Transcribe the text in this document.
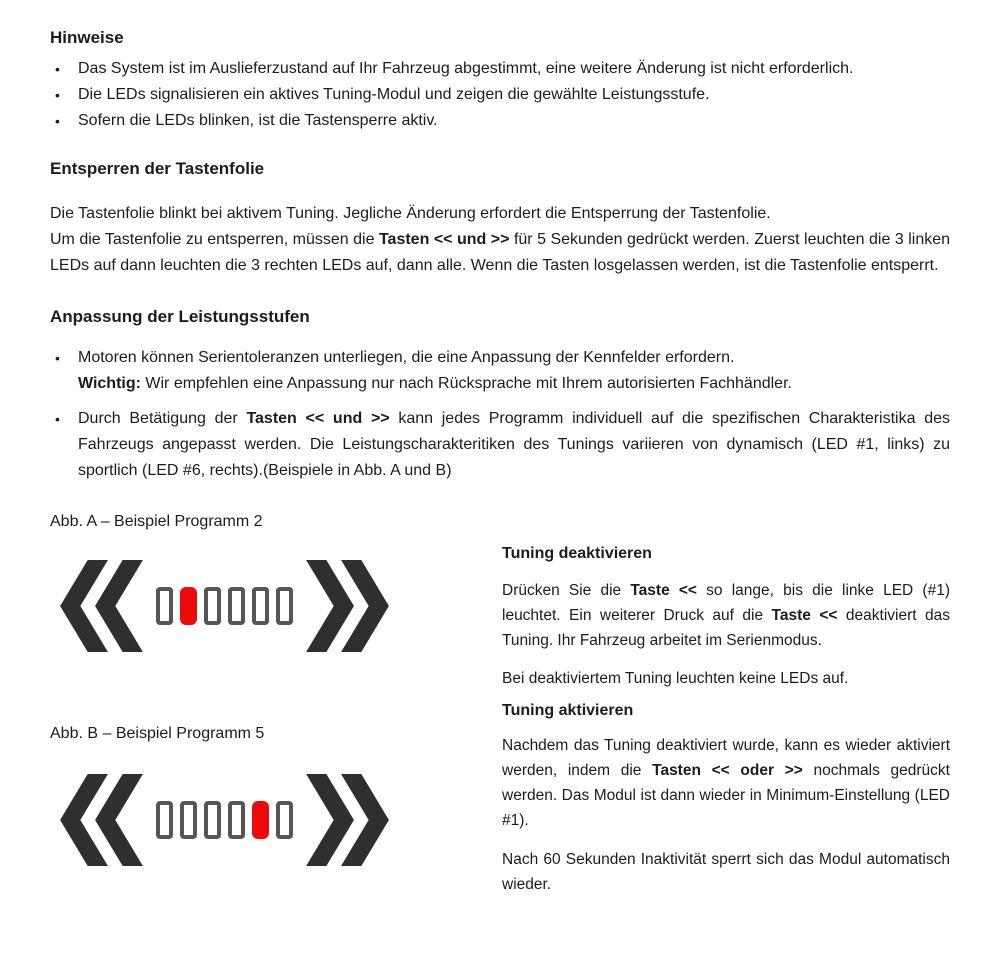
Hinweise
•	Das System ist im Auslieferzustand auf Ihr Fahrzeug abgestimmt, eine weitere Änderung ist nicht erforderlich.

•	Die LEDs signalisieren ein aktives Tuning-Modul und zeigen die gewählte Leistungsstufe.

•	Sofern die LEDs blinken, ist die Tastensperre aktiv.

Entsperren der Tastenfolie

Die Tastenfolie blinkt bei aktivem Tuning. Jegliche Änderung erfordert die Entsperrung der Tastenfolie.

Um die Tastenfolie zu entsperren, müssen die Tasten << und >> für 5 Sekunden gedrückt werden. Zuerst leuchten die 3 linken LEDs auf dann leuchten die 3 rechten LEDs auf, dann alle. Wenn die Tasten losgelassen werden, ist die Tastenfolie entsperrt.

Anpassung der Leistungsstufen
•	Motoren können Serientoleranzen unterliegen, die eine Anpassung der Kennfelder erfordern.
Wichtig: Wir empfehlen eine Anpassung nur nach Rücksprache mit Ihrem autorisierten Fachhändler.

•	Durch Betätigung der Tasten << und >> kann jedes Programm individuell auf die spezifischen Charakteristika des Fahrzeugs angepasst werden. Die Leistungscharakteritiken des Tunings variieren von dynamisch (LED #1, links) zu sportlich (LED #6, rechts).(Beispiele in Abb. A und B)

Abb. A – Beispiel Programm 2

Abb. B – Beispiel Programm 5

Tuning deaktivieren

Drücken Sie die Taste << so lange, bis die linke LED (#1) leuchtet. Ein weiterer Druck auf die Taste << deaktiviert das Tuning. Ihr Fahrzeug arbeitet im Serienmodus.

Bei deaktiviertem Tuning leuchten keine LEDs auf.

Tuning aktivieren

Nachdem das Tuning deaktiviert wurde, kann es wieder aktiviert werden, indem die Tasten << oder >> nochmals gedrückt werden. Das Modul ist dann wieder in Minimum-Einstellung (LED #1).

Nach 60 Sekunden Inaktivität sperrt sich das Modul automatisch wieder.
